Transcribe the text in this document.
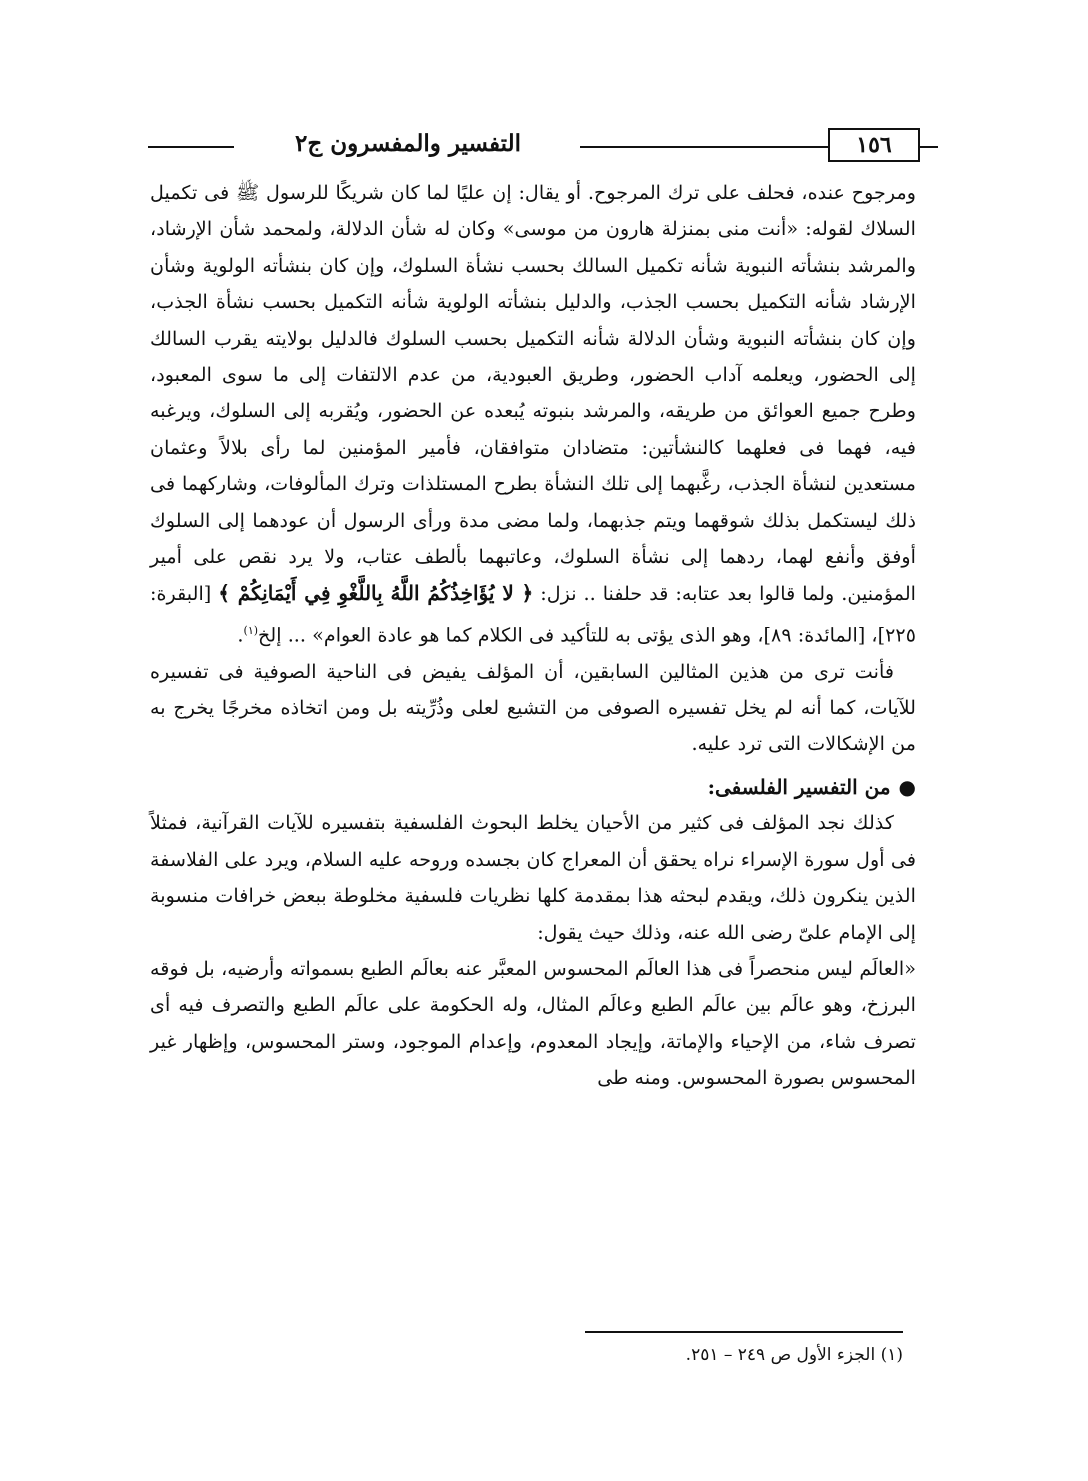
التفسير والمفسرون ج٢	١٥٦

ومرجوح عنده، فحلف على ترك المرجوح. أو يقال: إن عليًا لما كان شريكًا للرسول ﷺ فى تكميل السلاك لقوله: «أنت منى بمنزلة هارون من موسى» وكان له شأن الدلالة، ولمحمد شأن الإرشاد، والمرشد بنشأته النبوية شأنه تكميل السالك بحسب نشأة السلوك، وإن كان بنشأته الولوية وشأن الإرشاد شأنه التكميل بحسب الجذب، والدليل بنشأته الولوية شأنه التكميل بحسب نشأة الجذب، وإن كان بنشأته النبوية وشأن الدلالة شأنه التكميل بحسب السلوك فالدليل بولايته يقرب السالك إلى الحضور، ويعلمه آداب الحضور، وطريق العبودية، من عدم الالتفات إلى ما سوى المعبود، وطرح جميع العوائق من طريقه، والمرشد بنبوته يُبعده عن الحضور، ويُقربه إلى السلوك، ويرغبه فيه، فهما فى فعلهما كالنشأتين: متضادان متوافقان، فأمير المؤمنين لما رأى بلالاً وعثمان مستعدين لنشأة الجذب، رغَّبهما إلى تلك النشأة بطرح المستلذات وترك المألوفات، وشاركهما فى ذلك ليستكمل بذلك شوقهما ويتم جذبهما، ولما مضى مدة ورأى الرسول أن عودهما إلى السلوك أوفق وأنفع لهما، ردهما إلى نشأة السلوك، وعاتبهما بألطف عتاب، ولا يرد نقص على أمير المؤمنين. ولما قالوا بعد عتابه: قد حلفنا .. نزل: ﴿ لا يُؤَاخِذُكُمُ اللَّهُ بِاللَّغْوِ فِي أَيْمَانِكُمْ ﴾ [البقرة: ٢٢٥]، [المائدة: ٨٩]، وهو الذى يؤتى به للتأكيد فى الكلام كما هو عادة العوام» ... إلخ$^{(١)}$.

فأنت ترى من هذين المثالين السابقين، أن المؤلف يفيض فى الناحية الصوفية فى تفسيره للآيات، كما أنه لم يخل تفسيره الصوفى من التشيع لعلى وذُرِّيته بل ومن اتخاذه مخرجًا يخرج به من الإشكالات التى ترد عليه.

●من التفسير الفلسفى:

كذلك نجد المؤلف فى كثير من الأحيان يخلط البحوث الفلسفية بتفسيره للآيات القرآنية، فمثلاً فى أول سورة الإسراء نراه يحقق أن المعراج كان بجسده وروحه عليه السلام، ويرد على الفلاسفة الذين ينكرون ذلك، ويقدم لبحثه هذا بمقدمة كلها نظريات فلسفية مخلوطة ببعض خرافات منسوبة إلى الإمام علىّ رضى الله عنه، وذلك حيث يقول:

«العالَم ليس منحصراً فى هذا العالَم المحسوس المعبَّر عنه بعالَم الطبع بسمواته وأرضيه، بل فوقه البرزخ، وهو عالَم بين عالَم الطبع وعالَم المثال، وله الحكومة على عالَم الطبع والتصرف فيه أى تصرف شاء، من الإحياء والإماتة، وإيجاد المعدوم، وإعدام الموجود، وستر المحسوس، وإظهار غير المحسوس بصورة المحسوس. ومنه طى

(١) الجزء الأول ص ٢٤٩ – ٢٥١.
